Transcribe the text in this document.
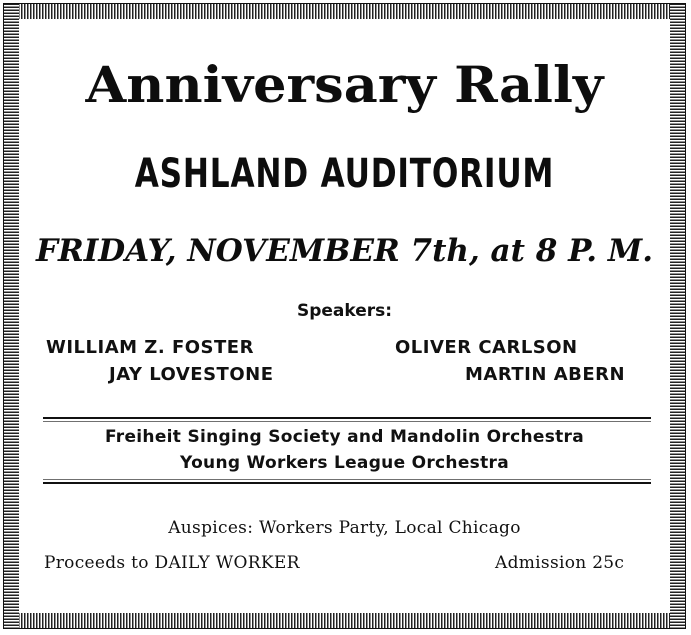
Anniversary Rally
ASHLAND AUDITORIUM
FRIDAY, NOVEMBER 7th, at 8 P. M.
Speakers:
WILLIAM Z. FOSTER
JAY LOVESTONE
OLIVER CARLSON
MARTIN ABERN
Freiheit Singing Society and Mandolin Orchestra
Young Workers League Orchestra
Auspices: Workers Party, Local Chicago
Proceeds to DAILY WORKER	Admission 25c
